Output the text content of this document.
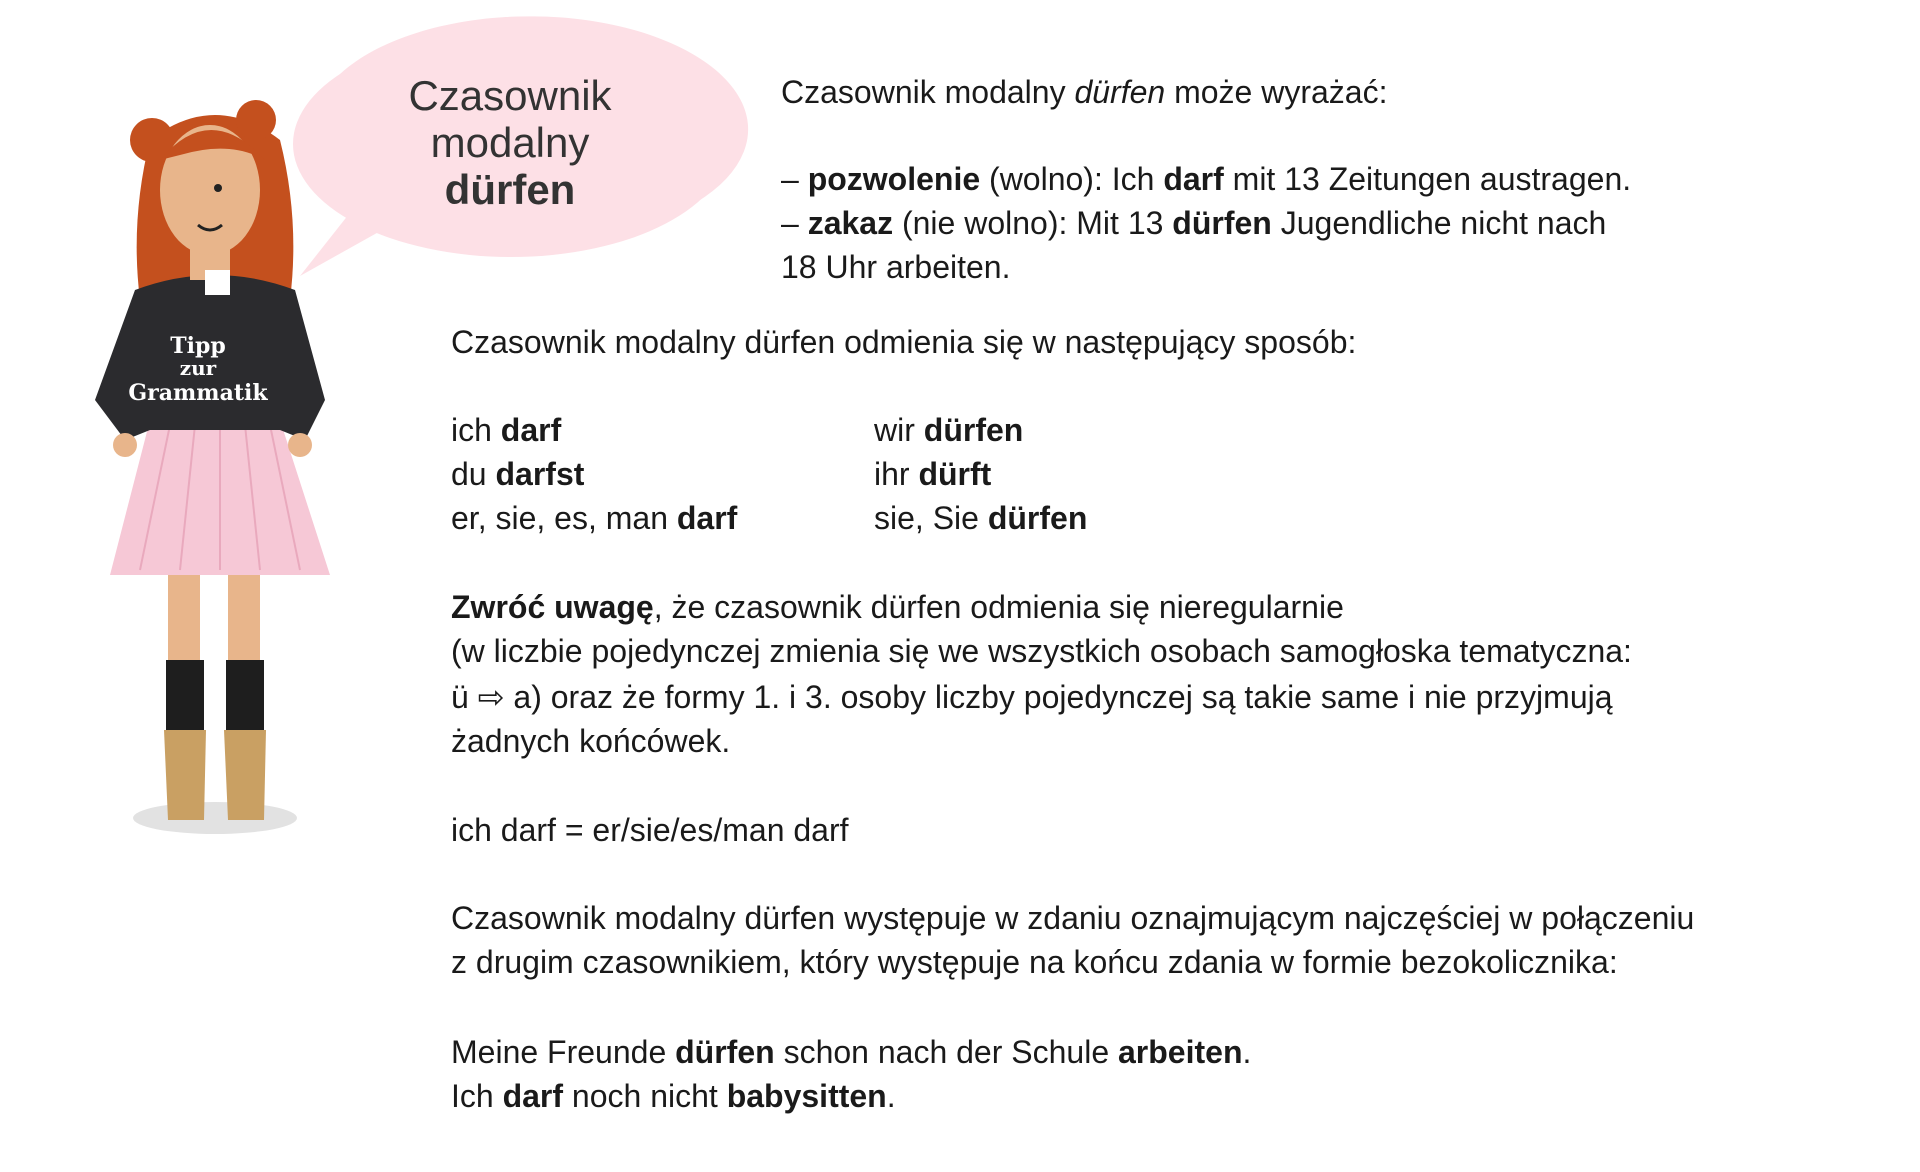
Czasownik
modalny
dürfen
Tipp
zur
Grammatik
Czasownik modalny dürfen może wyrażać:
– pozwolenie (wolno): Ich darf mit 13 Zeitungen austragen.
– zakaz (nie wolno): Mit 13 dürfen Jugendliche nicht nach
18 Uhr arbeiten.
Czasownik modalny dürfen odmienia się w następujący sposób:
ich darf
du darfst
er, sie, es, man darf
wir dürfen
ihr dürft
sie, Sie dürfen
Zwróć uwagę, że czasownik dürfen odmienia się nieregularnie
(w liczbie pojedynczej zmienia się we wszystkich osobach samogłoska tematyczna:
ü ⇨ a) oraz że formy 1. i 3. osoby liczby pojedynczej są takie same i nie przyjmują
żadnych końcówek.
ich darf = er/sie/es/man darf
Czasownik modalny dürfen występuje w zdaniu oznajmującym najczęściej w połączeniu
z drugim czasownikiem, który występuje na końcu zdania w formie bezokolicznika:
Meine Freunde dürfen schon nach der Schule arbeiten.
Ich darf noch nicht babysitten.
